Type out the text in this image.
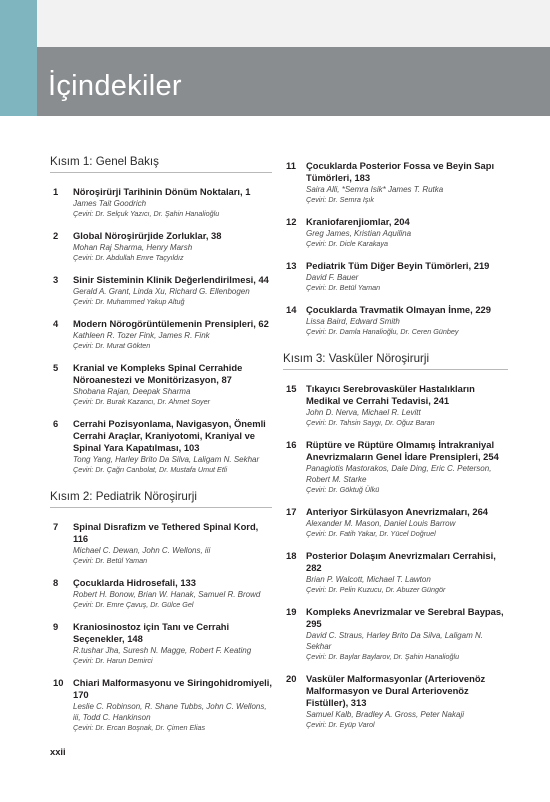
İçindekiler
Kısım 1: Genel Bakış
1 Nöroşirürji Tarihinin Dönüm Noktaları, 1
James Tait Goodrich
Çeviri: Dr. Selçuk Yazıcı, Dr. Şahin Hanalioğlu
2 Global Nöroşirürjide Zorluklar, 38
Mohan Raj Sharma, Henry Marsh
Çeviri: Dr. Abdullah Emre Taçyıldız
3 Sinir Sisteminin Klinik Değerlendirilmesi, 44
Gerald A. Grant, Linda Xu, Richard G. Ellenbogen
Çeviri: Dr. Muhammed Yakup Altuğ
4 Modern Nörogörüntülemenin Prensipleri, 62
Kathleen R. Tozer Fink, James R. Fink
Çeviri: Dr. Murat Gökten
5 Kranial ve Kompleks Spinal Cerrahide Nöroanestezi ve Monitörizasyon, 87
Shobana Rajan, Deepak Sharma
Çeviri: Dr. Burak Kazancı, Dr. Ahmet Soyer
6 Cerrahi Pozisyonlama, Navigasyon, Önemli Cerrahi Araçlar, Kraniyotomi, Kraniyal ve Spinal Yara Kapatılması, 103
Tong Yang, Harley Brito Da Silva, Laligam N. Sekhar
Çeviri: Dr. Çağrı Canbolat, Dr. Mustafa Umut Etli
Kısım 2: Pediatrik Nöroşirurji
7 Spinal Disrafizm ve Tethered Spinal Kord, 116
Michael C. Dewan, John C. Wellons, iii
Çeviri: Dr. Betül Yaman
8 Çocuklarda Hidrosefali, 133
Robert H. Bonow, Brian W. Hanak, Samuel R. Browd
Çeviri: Dr. Emre Çavuş, Dr. Gülce Gel
9 Kraniosinostoz için Tanı ve Cerrahi Seçenekler, 148
R.tushar Jha, Suresh N. Magge, Robert F. Keating
Çeviri: Dr. Harun Demirci
10 Chiari Malformasyonu ve Siringohidromiyeli, 170
Leslie C. Robinson, R. Shane Tubbs, John C. Wellons, iii, Todd C. Hankinson
Çeviri: Dr. Ercan Boşnak, Dr. Çimen Elias
11 Çocuklarda Posterior Fossa ve Beyin Sapı Tümörleri, 183
Saira Alli, *Semra Isik* James T. Rutka
Çeviri: Dr. Semra Işık
12 Kraniofarenjiomlar, 204
Greg James, Kristian Aquilina
Çeviri: Dr. Dicle Karakaya
13 Pediatrik Tüm Diğer Beyin Tümörleri, 219
David F. Bauer
Çeviri: Dr. Betül Yaman
14 Çocuklarda Travmatik Olmayan İnme, 229
Lissa Baird, Edward Smith
Çeviri: Dr. Damla Hanalioğlu, Dr. Ceren Günbey
Kısım 3: Vasküler Nöroşirurji
15 Tıkayıcı Serebrovasküler Hastalıkların Medikal ve Cerrahi Tedavisi, 241
John D. Nerva, Michael R. Levitt
Çeviri: Dr. Tahsin Saygı, Dr. Oğuz Baran
16 Rüptüre ve Rüptüre Olmamış İntrakraniyal Anevrizmaların Genel İdare Prensipleri, 254
Panagiotis Mastorakos, Dale Ding, Eric C. Peterson, Robert M. Starke
Çeviri: Dr. Göktuğ Ülkü
17 Anteriyor Sirkülasyon Anevrizmaları, 264
Alexander M. Mason, Daniel Louis Barrow
Çeviri: Dr. Fatih Yakar, Dr. Yücel Doğruel
18 Posterior Dolaşım Anevrizmaları Cerrahisi, 282
Brian P. Walcott, Michael T. Lawton
Çeviri: Dr. Pelin Kuzucu, Dr. Abuzer Güngör
19 Kompleks Anevrizmalar ve Serebral Baypas, 295
David C. Straus, Harley Brito Da Silva, Laligam N. Sekhar
Çeviri: Dr. Baylar Baylarov, Dr. Şahin Hanalioğlu
20 Vasküler Malformasyonlar (Arteriovenöz Malformasyon ve Dural Arteriovenöz Fistüller), 313
Samuel Kalb, Bradley A. Gross, Peter Nakaji
Çeviri: Dr. Eyüp Varol
xxii
